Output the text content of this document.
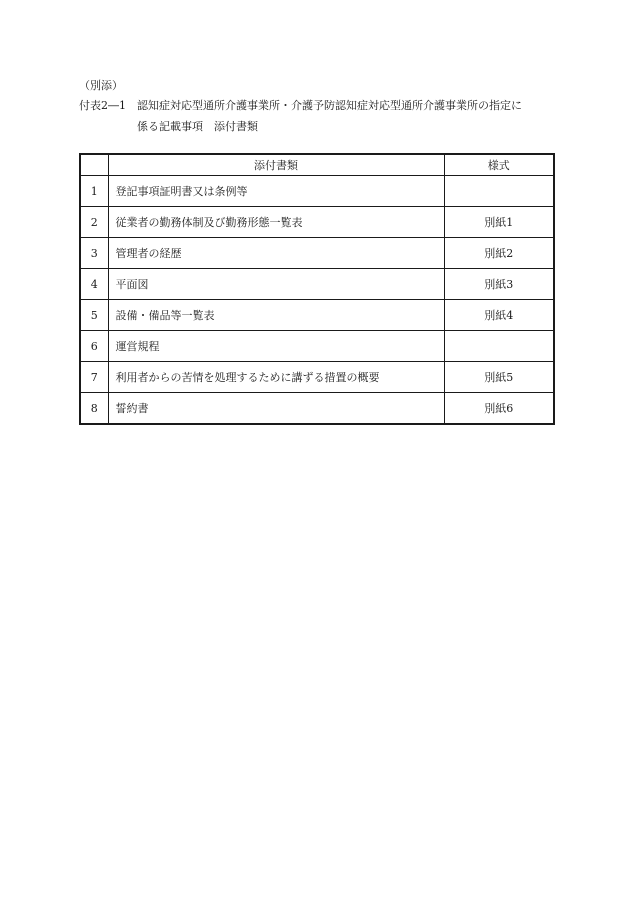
（別添）
付表2―1 認知症対応型通所介護事業所・介護予防認知症対応型通所介護事業所の指定に
係る記載事項　添付書類
	添付書類	様式
1	登記事項証明書又は条例等	
2	従業者の勤務体制及び勤務形態一覧表	別紙1
3	管理者の経歴	別紙2
4	平面図	別紙3
5	設備・備品等一覧表	別紙4
6	運営規程	
7	利用者からの苦情を処理するために講ずる措置の概要	別紙5
8	誓約書	別紙6
